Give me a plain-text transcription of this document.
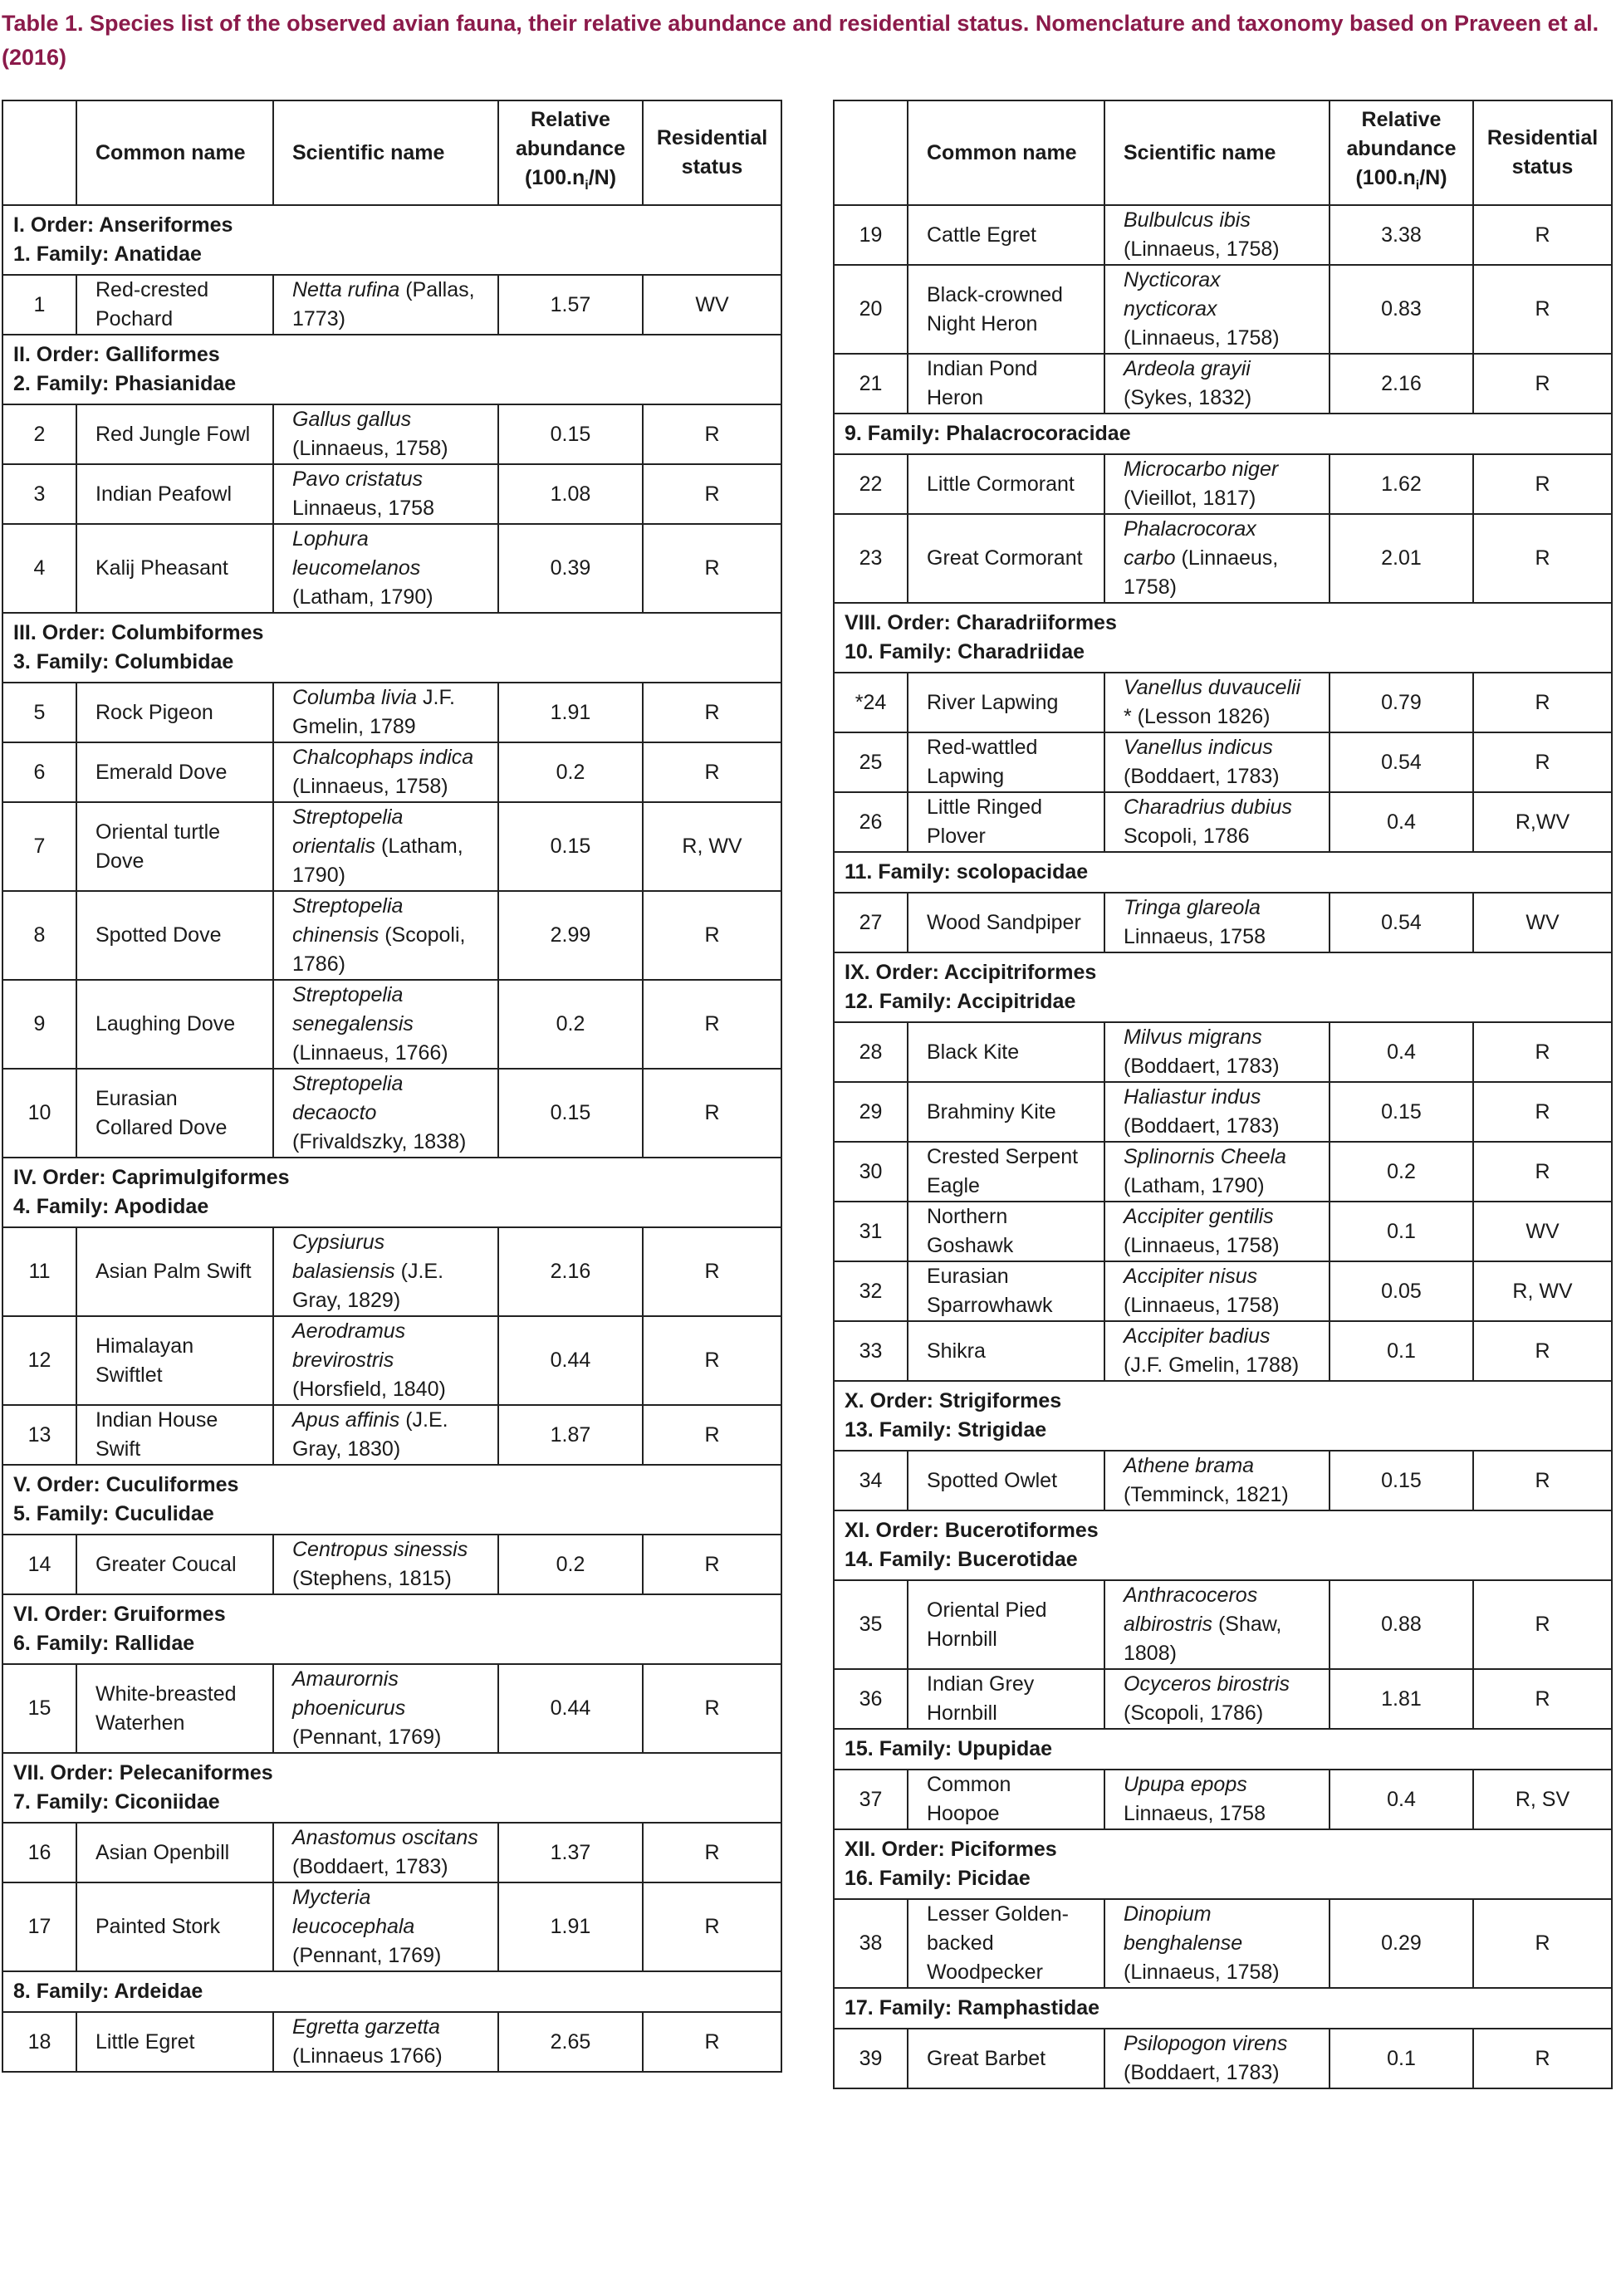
Table 1. Species list of the observed avian fauna, their relative abundance and residential status. Nomenclature and taxonomy based on Praveen et al. (2016)
	Common name	Scientific name	Relative
abundance
$(100.n_i/N)$	Residential
status

I. Order: Anseriformes
1. Family: Anatidae				

1	Red-crested Pochard	Netta rufina (Pallas, 1773)	1.57	WV

II. Order: Galliformes
2. Family: Phasianidae				

2	Red Jungle Fowl	Gallus gallus (Linnaeus, 1758)	0.15	R
3	Indian Peafowl	Pavo cristatus Linnaeus, 1758	1.08	R
4	Kalij Pheasant	Lophura leucomelanos (Latham, 1790)	0.39	R

III. Order: Columbiformes
3. Family: Columbidae				

5	Rock Pigeon	Columba livia J.F. Gmelin, 1789	1.91	R
6	Emerald Dove	Chalcophaps indica (Linnaeus, 1758)	0.2	R
7	Oriental turtle Dove	Streptopelia orientalis (Latham, 1790)	0.15	R, WV
8	Spotted Dove	Streptopelia chinensis (Scopoli, 1786)	2.99	R
9	Laughing Dove	Streptopelia senegalensis (Linnaeus, 1766)	0.2	R
10	Eurasian Collared Dove	Streptopelia decaocto (Frivaldszky, 1838)	0.15	R

IV. Order: Caprimulgiformes
4. Family: Apodidae				

11	Asian Palm Swift	Cypsiurus balasiensis (J.E. Gray, 1829)	2.16	R
12	Himalayan Swiftlet	Aerodramus brevirostris (Horsfield, 1840)	0.44	R
13	Indian House Swift	Apus affinis (J.E. Gray, 1830)	1.87	R

V. Order: Cuculiformes
5. Family: Cuculidae				

14	Greater Coucal	Centropus sinessis (Stephens, 1815)	0.2	R

VI. Order: Gruiformes
6. Family: Rallidae				

15	White-breasted Waterhen	Amaurornis phoenicurus (Pennant, 1769)	0.44	R

VII. Order: Pelecaniformes
7. Family: Ciconiidae				

16	Asian Openbill	Anastomus oscitans (Boddaert, 1783)	1.37	R
17	Painted Stork	Mycteria leucocephala (Pennant, 1769)	1.91	R

8. Family: Ardeidae				

18	Little Egret	Egretta garzetta (Linnaeus 1766)	2.65	R
	Common name	Scientific name	Relative
abundance
$(100.n_i/N)$	Residential
status
19	Cattle Egret	Bulbulcus ibis (Linnaeus, 1758)	3.38	R
20	Black-crowned Night Heron	Nycticorax nycticorax (Linnaeus, 1758)	0.83	R
21	Indian Pond Heron	Ardeola grayii (Sykes, 1832)	2.16	R

9. Family: Phalacrocoracidae				

22	Little Cormorant	Microcarbo niger (Vieillot, 1817)	1.62	R
23	Great Cormorant	Phalacrocorax carbo (Linnaeus, 1758)	2.01	R

VIII. Order: Charadriiformes
10. Family: Charadriidae				

*24	River Lapwing	Vanellus duvaucelii * (Lesson 1826)	0.79	R
25	Red-wattled Lapwing	Vanellus indicus (Boddaert, 1783)	0.54	R
26	Little Ringed Plover	Charadrius dubius Scopoli, 1786	0.4	R,WV

11. Family: scolopacidae				

27	Wood Sandpiper	Tringa glareola Linnaeus, 1758	0.54	WV

IX. Order: Accipitriformes
12. Family: Accipitridae				

28	Black Kite	Milvus migrans (Boddaert, 1783)	0.4	R
29	Brahminy Kite	Haliastur indus (Boddaert, 1783)	0.15	R
30	Crested Serpent Eagle	Splinornis Cheela (Latham, 1790)	0.2	R
31	Northern Goshawk	Accipiter gentilis (Linnaeus, 1758)	0.1	WV
32	Eurasian Sparrowhawk	Accipiter nisus (Linnaeus, 1758)	0.05	R, WV
33	Shikra	Accipiter badius (J.F. Gmelin, 1788)	0.1	R

X. Order: Strigiformes
13. Family: Strigidae				

34	Spotted Owlet	Athene brama (Temminck, 1821)	0.15	R

XI. Order: Bucerotiformes
14. Family: Bucerotidae				

35	Oriental Pied Hornbill	Anthracoceros albirostris (Shaw, 1808)	0.88	R
36	Indian Grey Hornbill	Ocyceros birostris (Scopoli, 1786)	1.81	R

15. Family: Upupidae				

37	Common Hoopoe	Upupa epops Linnaeus, 1758	0.4	R, SV

XII. Order: Piciformes
16. Family: Picidae				

38	Lesser Golden-backed Woodpecker	Dinopium benghalense (Linnaeus, 1758)	0.29	R

17. Family: Ramphastidae				

39	Great Barbet	Psilopogon virens (Boddaert, 1783)	0.1	R
